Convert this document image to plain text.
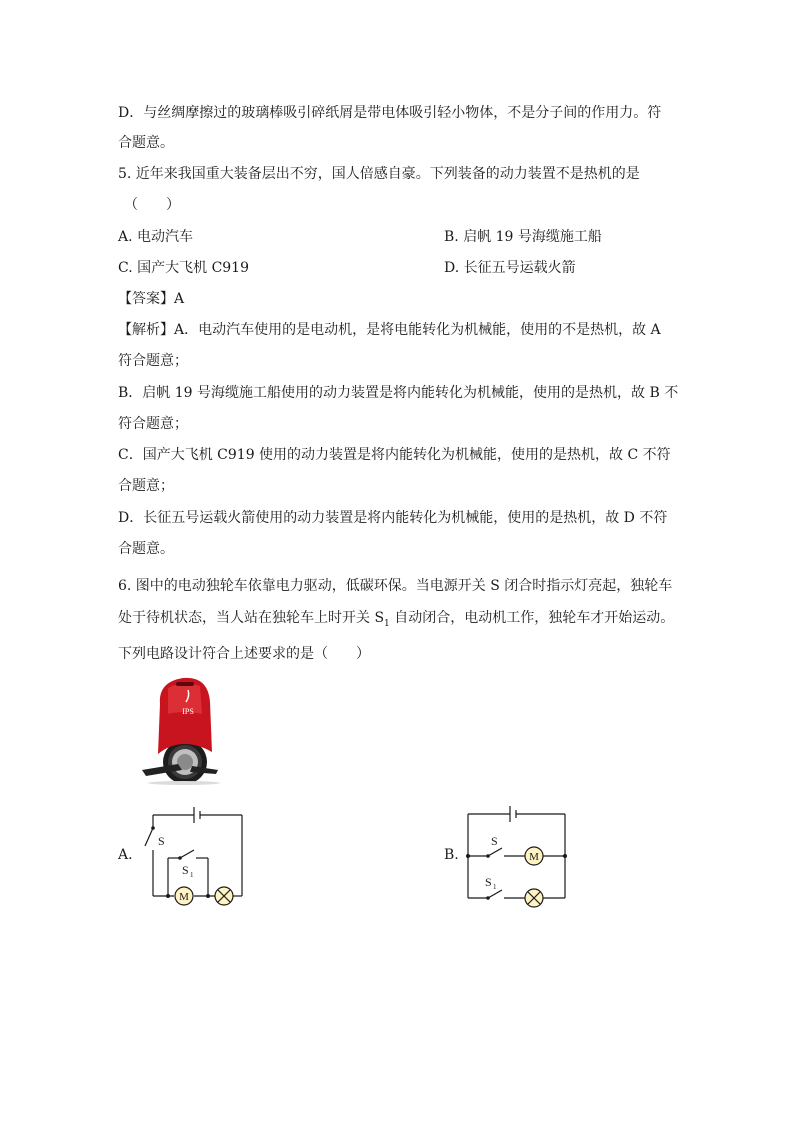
D．与丝绸摩擦过的玻璃棒吸引碎纸屑是带电体吸引轻小物体，不是分子间的作用力。符
合题意。
5. 近年来我国重大装备层出不穷，国人倍感自豪。下列装备的动力装置不是热机的是
（　　）
A. 电动汽车	B. 启帆 19 号海缆施工船
C. 国产大飞机 C919	D. 长征五号运载火箭
【答案】A
【解析】A．电动汽车使用的是电动机，是将电能转化为机械能，使用的不是热机，故 A
符合题意；
B．启帆 19 号海缆施工船使用的动力装置是将内能转化为机械能，使用的是热机，故 B 不
符合题意；
C．国产大飞机 C919 使用的动力装置是将内能转化为机械能，使用的是热机，故 C 不符
合题意；
D．长征五号运载火箭使用的动力装置是将内能转化为机械能，使用的是热机，故 D 不符
合题意。
6. 图中的电动独轮车依靠电力驱动，低碳环保。当电源开关 S 闭合时指示灯亮起，独轮车
处于待机状态，当人站在独轮车上时开关 $S_1$ 自动闭合，电动机工作，独轮车才开始运动。
下列电路设计符合上述要求的是（　　）
IPS
A.
M
S
S 1
B.	M
S
S 1
